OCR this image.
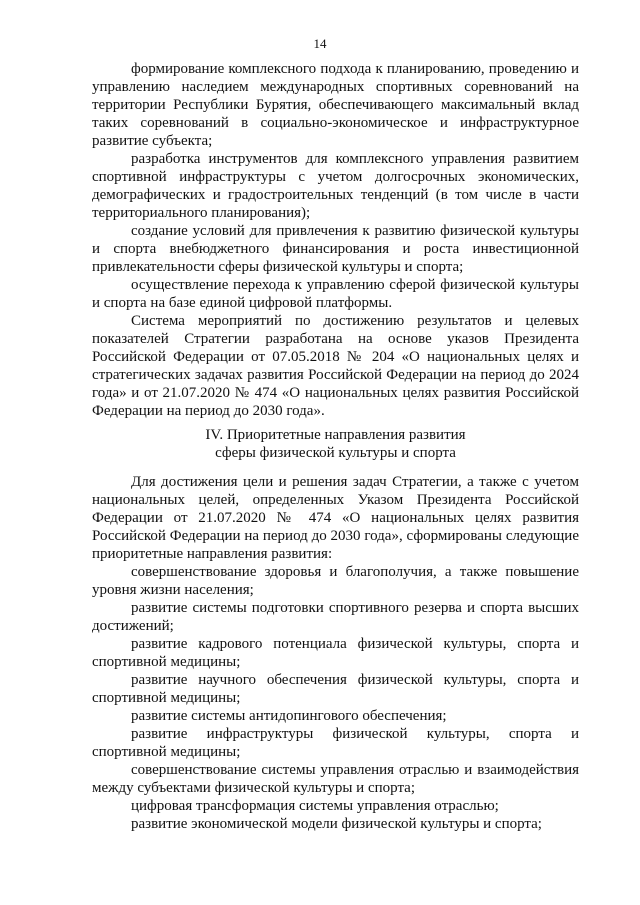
14

формирование комплексного подхода к планированию, проведению и управлению наследием международных спортивных соревнований на территории Республики Бурятия, обеспечивающего максимальный вклад таких соревнований в социально-экономическое и инфраструктурное развитие субъекта;

разработка инструментов для комплексного управления развитием спортивной инфраструктуры с учетом долгосрочных экономических, демографических и градостроительных тенденций (в том числе в части территориального планирования);

создание условий для привлечения к развитию физической культуры и спорта внебюджетного финансирования и роста инвестиционной привлекательности сферы физической культуры и спорта;

осуществление перехода к управлению сферой физической культуры и спорта на базе единой цифровой платформы.

Система мероприятий по достижению результатов и целевых показателей Стратегии разработана на основе указов Президента Российской Федерации от 07.05.2018 № 204 «О национальных целях и стратегических задачах развития Российской Федерации на период до 2024 года» и от 21.07.2020 № 474 «О национальных целях развития Российской Федерации на период до 2030 года».

IV. Приоритетные направления развития

сферы физической культуры и спорта

Для достижения цели и решения задач Стратегии, а также с учетом национальных целей, определенных Указом Президента Российской Федерации от 21.07.2020 № 474 «О национальных целях развития Российской Федерации на период до 2030 года», сформированы следующие приоритетные направления развития:

совершенствование здоровья и благополучия, а также повышение уровня жизни населения;

развитие системы подготовки спортивного резерва и спорта высших достижений;

развитие кадрового потенциала физической культуры, спорта и спортивной медицины;

развитие научного обеспечения физической культуры, спорта и спортивной медицины;

развитие системы антидопингового обеспечения;

развитие инфраструктуры физической культуры, спорта и спортивной медицины;

совершенствование системы управления отраслью и взаимодействия между субъектами физической культуры и спорта;

цифровая трансформация системы управления отраслью;

развитие экономической модели физической культуры и спорта;
